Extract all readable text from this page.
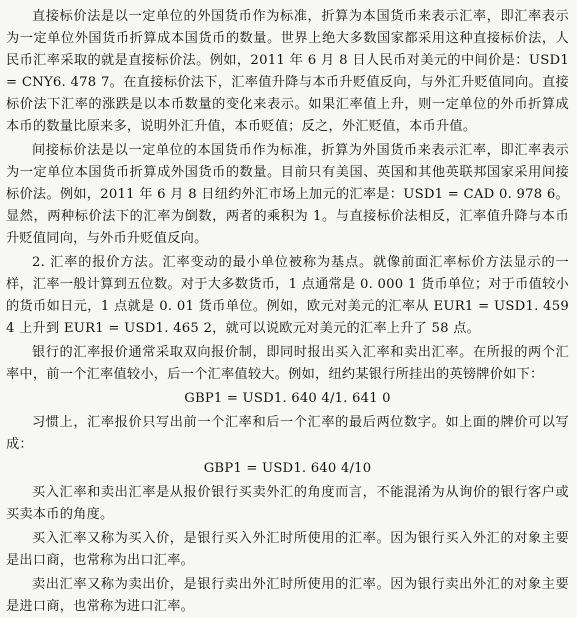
直接标价法是以一定单位的外国货币作为标准，折算为本国货币来表示汇率，即汇率表示为一定单位外国货币折算成本国货币的数量。世界上绝大多数国家都采用这种直接标价法，人民币汇率采取的就是直接标价法。例如，2011 年 6 月 8 日人民币对美元的中间价是：USD1 = CNY6. 478 7。在直接标价法下，汇率值升降与本币升贬值反向，与外汇升贬值同向。直接标价法下汇率的涨跌是以本币数量的变化来表示。如果汇率值上升，则一定单位的外币折算成本币的数量比原来多，说明外汇升值，本币贬值；反之，外汇贬值，本币升值。

间接标价法是以一定单位的本国货币作为标准，折算为外国货币来表示汇率，即汇率表示为一定单位本国货币折算成外国货币的数量。目前只有美国、英国和其他英联邦国家采用间接标价法。例如，2011 年 6 月 8 日纽约外汇市场上加元的汇率是：USD1 = CAD 0. 978 6。显然，两种标价法下的汇率为倒数，两者的乘积为 1。与直接标价法相反，汇率值升降与本币升贬值同向，与外币升贬值反向。

2. 汇率的报价方法。汇率变动的最小单位被称为基点。就像前面汇率标价方法显示的一样，汇率一般计算到五位数。对于大多数货币，1 点通常是 0. 000 1 货币单位；对于币值较小的货币如日元，1 点就是 0. 01 货币单位。例如，欧元对美元的汇率从 EUR1 = USD1. 459 4 上升到 EUR1 = USD1. 465 2，就可以说欧元对美元的汇率上升了 58 点。

银行的汇率报价通常采取双向报价制，即同时报出买入汇率和卖出汇率。在所报的两个汇率中，前一个汇率值较小，后一个汇率值较大。例如，纽约某银行所挂出的英镑牌价如下：

GBP1 = USD1. 640 4/1. 641 0

习惯上，汇率报价只写出前一个汇率和后一个汇率的最后两位数字。如上面的牌价可以写成：

GBP1 = USD1. 640 4/10

买入汇率和卖出汇率是从报价银行买卖外汇的角度而言，不能混淆为从询价的银行客户或买卖本币的角度。

买入汇率又称为买入价，是银行买入外汇时所使用的汇率。因为银行买入外汇的对象主要是出口商，也常称为出口汇率。

卖出汇率又称为卖出价，是银行卖出外汇时所使用的汇率。因为银行卖出外汇的对象主要是进口商，也常称为进口汇率。
